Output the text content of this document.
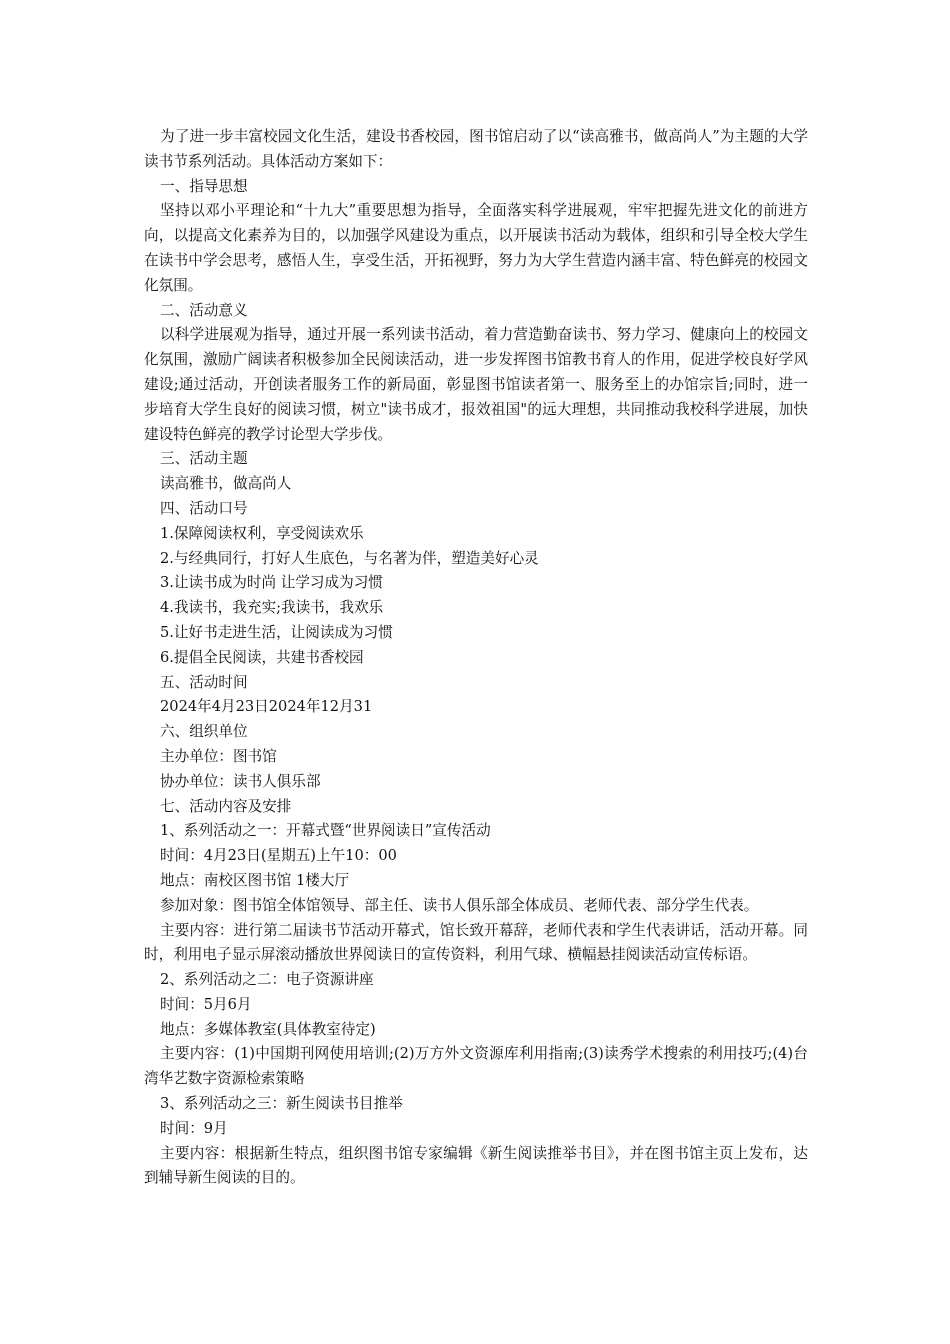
为了进一步丰富校园文化生活，建设书香校园，图书馆启动了以“读高雅书，做高尚人”为主题的大学读书节系列活动。具体活动方案如下：

一、指导思想

坚持以邓小平理论和“十九大”重要思想为指导，全面落实科学进展观，牢牢把握先进文化的前进方向，以提高文化素养为目的，以加强学风建设为重点，以开展读书活动为载体，组织和引导全校大学生在读书中学会思考，感悟人生，享受生活，开拓视野，努力为大学生营造内涵丰富、特色鲜亮的校园文化氛围。

二、活动意义

以科学进展观为指导，通过开展一系列读书活动，着力营造勤奋读书、努力学习、健康向上的校园文化氛围，激励广阔读者积极参加全民阅读活动，进一步发挥图书馆教书育人的作用，促进学校良好学风建设;通过活动，开创读者服务工作的新局面，彰显图书馆读者第一、服务至上的办馆宗旨;同时，进一步培育大学生良好的阅读习惯，树立"读书成才，报效祖国"的远大理想，共同推动我校科学进展，加快建设特色鲜亮的教学讨论型大学步伐。

三、活动主题

读高雅书，做高尚人

四、活动口号

1.保障阅读权利，享受阅读欢乐

2.与经典同行，打好人生底色，与名著为伴，塑造美好心灵

3.让读书成为时尚 让学习成为习惯

4.我读书，我充实;我读书，我欢乐

5.让好书走进生活，让阅读成为习惯

6.提倡全民阅读，共建书香校园

五、活动时间

2024年4月23日2024年12月31

六、组织单位

主办单位：图书馆

协办单位：读书人俱乐部

七、活动内容及安排

1、系列活动之一：开幕式暨“世界阅读日”宣传活动

时间：4月23日(星期五)上午10：00

地点：南校区图书馆 1楼大厅

参加对象：图书馆全体馆领导、部主任、读书人俱乐部全体成员、老师代表、部分学生代表。

主要内容：进行第二届读书节活动开幕式，馆长致开幕辞，老师代表和学生代表讲话，活动开幕。同时，利用电子显示屏滚动播放世界阅读日的宣传资料，利用气球、横幅悬挂阅读活动宣传标语。

2、系列活动之二：电子资源讲座

时间：5月6月

地点：多媒体教室(具体教室待定)

主要内容：(1)中国期刊网使用培训;(2)万方外文资源库利用指南;(3)读秀学术搜索的利用技巧;(4)台湾华艺数字资源检索策略

3、系列活动之三：新生阅读书目推举

时间：9月

主要内容：根据新生特点，组织图书馆专家编辑《新生阅读推举书目》，并在图书馆主页上发布，达到辅导新生阅读的目的。
